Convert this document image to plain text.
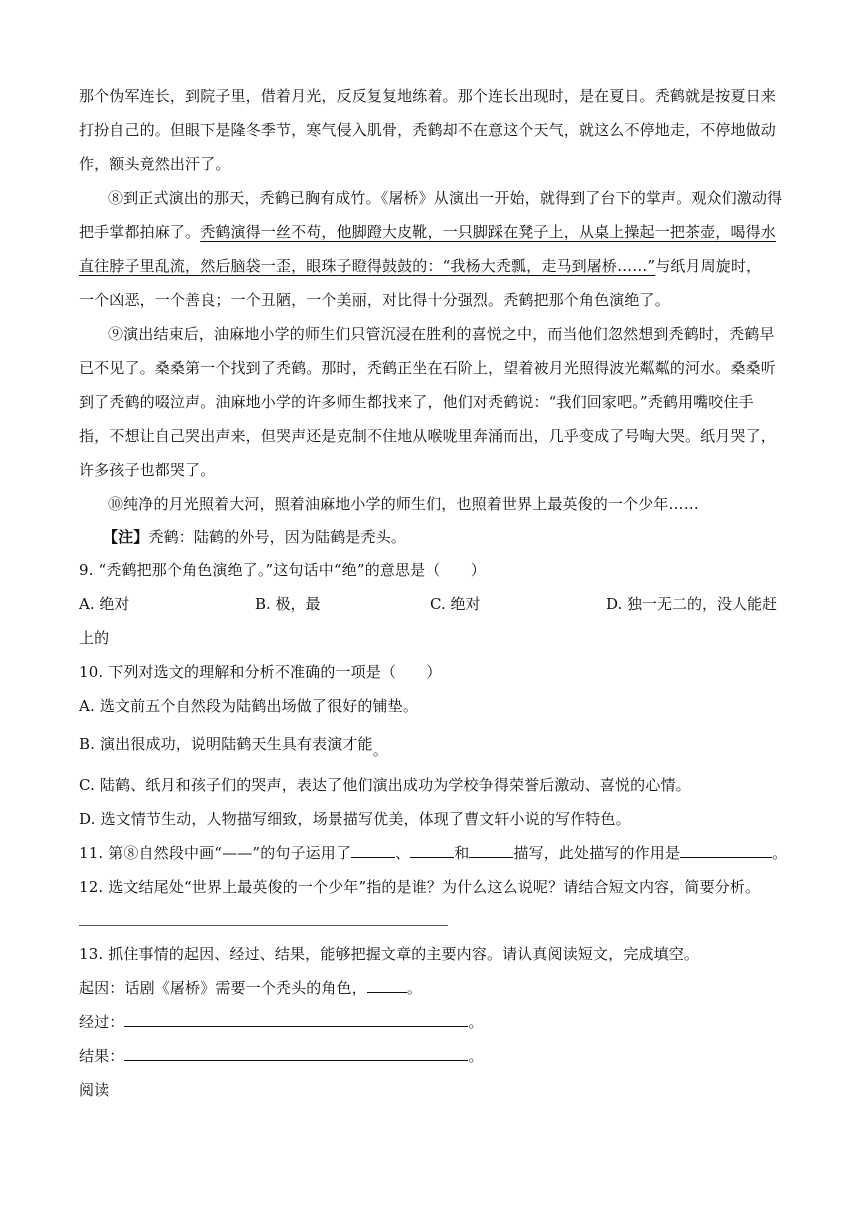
那个伪军连长，到院子里，借着月光，反反复复地练着。那个连长出现时，是在夏日。秃鹤就是按夏日来
打扮自己的。但眼下是隆冬季节，寒气侵入肌骨，秃鹤却不在意这个天气，就这么不停地走，不停地做动
作，额头竟然出汗了。
⑧到正式演出的那天，秃鹤已胸有成竹。《屠桥》从演出一开始，就得到了台下的掌声。观众们激动得
把手掌都拍麻了。秃鹤演得一丝不苟，他脚蹬大皮靴，一只脚踩在凳子上，从桌上操起一把茶壶，喝得水
直往脖子里乱流，然后脑袋一歪，眼珠子瞪得鼓鼓的：“我杨大秃瓢，走马到屠桥……”与纸月周旋时，
一个凶恶，一个善良；一个丑陋，一个美丽，对比得十分强烈。秃鹤把那个角色演绝了。
⑨演出结束后，油麻地小学的师生们只管沉浸在胜利的喜悦之中，而当他们忽然想到秃鹤时，秃鹤早
已不见了。桑桑第一个找到了秃鹤。那时，秃鹤正坐在石阶上，望着被月光照得波光粼粼的河水。桑桑听
到了秃鹤的啜泣声。油麻地小学的许多师生都找来了，他们对秃鹤说：“我们回家吧。”秃鹤用嘴咬住手
指，不想让自己哭出声来，但哭声还是克制不住地从喉咙里奔涌而出，几乎变成了号啕大哭。纸月哭了，
许多孩子也都哭了。
⑩纯净的月光照着大河，照着油麻地小学的师生们，也照着世界上最英俊的一个少年……
【注】秃鹤：陆鹤的外号，因为陆鹤是秃头。
9. “秃鹤把那个角色演绝了。”这句话中“绝”的意思是（　　）
A. 绝对	B. 极，最	C. 绝对	D. 独一无二的，没人能赶
上的
10. 下列对选文的理解和分析不准确的一项是（　　）
A. 选文前五个自然段为陆鹤出场做了很好的铺垫。
B. 演出很成功，说明陆鹤天生具有表演才能。
C. 陆鹤、纸月和孩子们的哭声，表达了他们演出成功为学校争得荣誉后激动、喜悦的心情。
D. 选文情节生动，人物描写细致，场景描写优美，体现了曹文轩小说的写作特色。
11. 第⑧自然段中画“——”的句子运用了	、	和	描写，此处描写的作用是	。
12. 选文结尾处“世界上最英俊的一个少年”指的是谁？为什么这么说呢？请结合短文内容，简要分析。
13. 抓住事情的起因、经过、结果，能够把握文章的主要内容。请认真阅读短文，完成填空。
起因：话剧《屠桥》需要一个秃头的角色，	。
经过：	。
结果：	。
阅读
